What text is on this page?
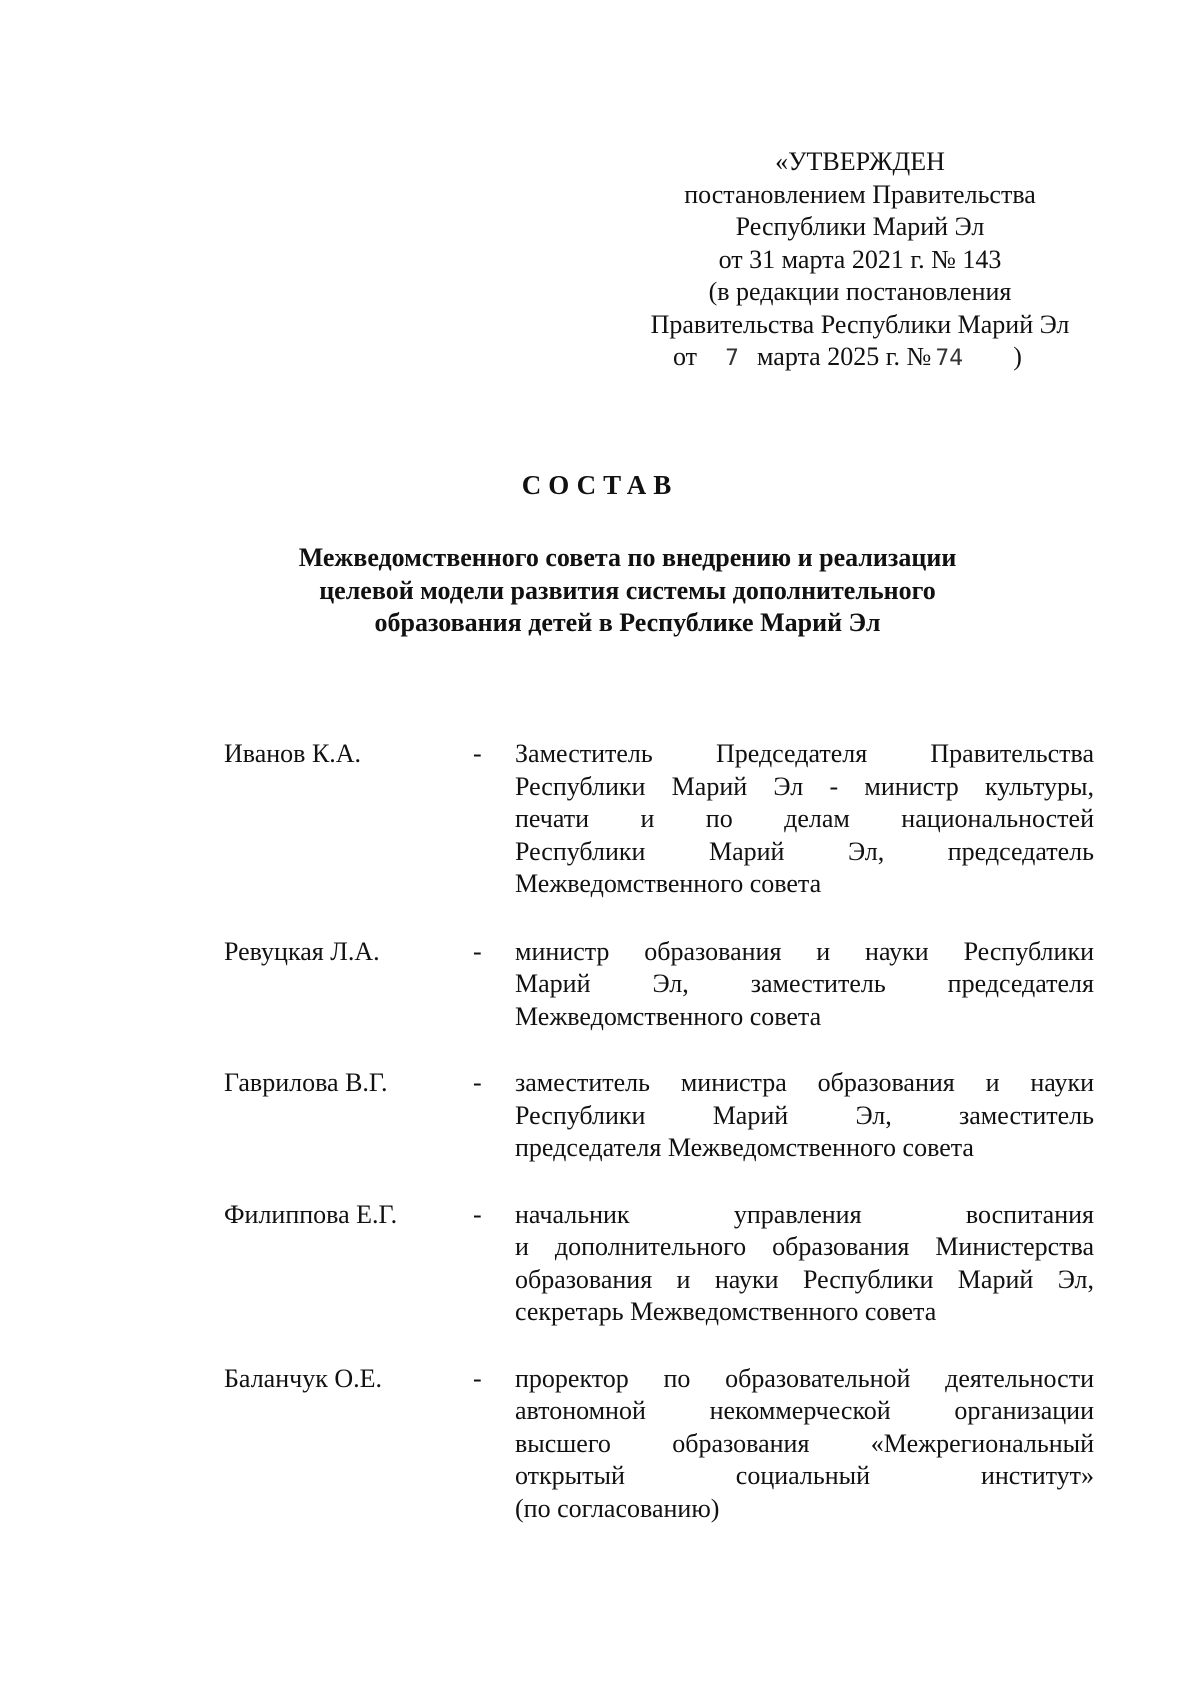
«УТВЕРЖДЕН
постановлением Правительства
Республики Марий Эл
от 31 марта 2021 г. № 143
(в редакции постановления
Правительства Республики Марий Эл
от 7 марта 2025 г. № 74 )
СОСТАВ
Межведомственного совета по внедрению и реализации
целевой модели развития системы дополнительного
образования детей в Республике Марий Эл
Иванов К.А.	-	Заместитель Председателя Правительства
Республики Марий Эл - министр культуры,
печати и по делам национальностей
Республики Марий Эл, председатель
Межведомственного совета
Ревуцкая Л.А.	-	министр образования и науки Республики
Марий Эл, заместитель председателя
Межведомственного совета
Гаврилова В.Г.	-	заместитель министра образования и науки
Республики Марий Эл, заместитель
председателя Межведомственного совета
Филиппова Е.Г.	-	начальник управления воспитания
и дополнительного образования Министерства
образования и науки Республики Марий Эл,
секретарь Межведомственного совета
Баланчук О.Е.	-	проректор по образовательной деятельности
автономной некоммерческой организации
высшего образования «Межрегиональный
открытый социальный институт»
(по согласованию)
